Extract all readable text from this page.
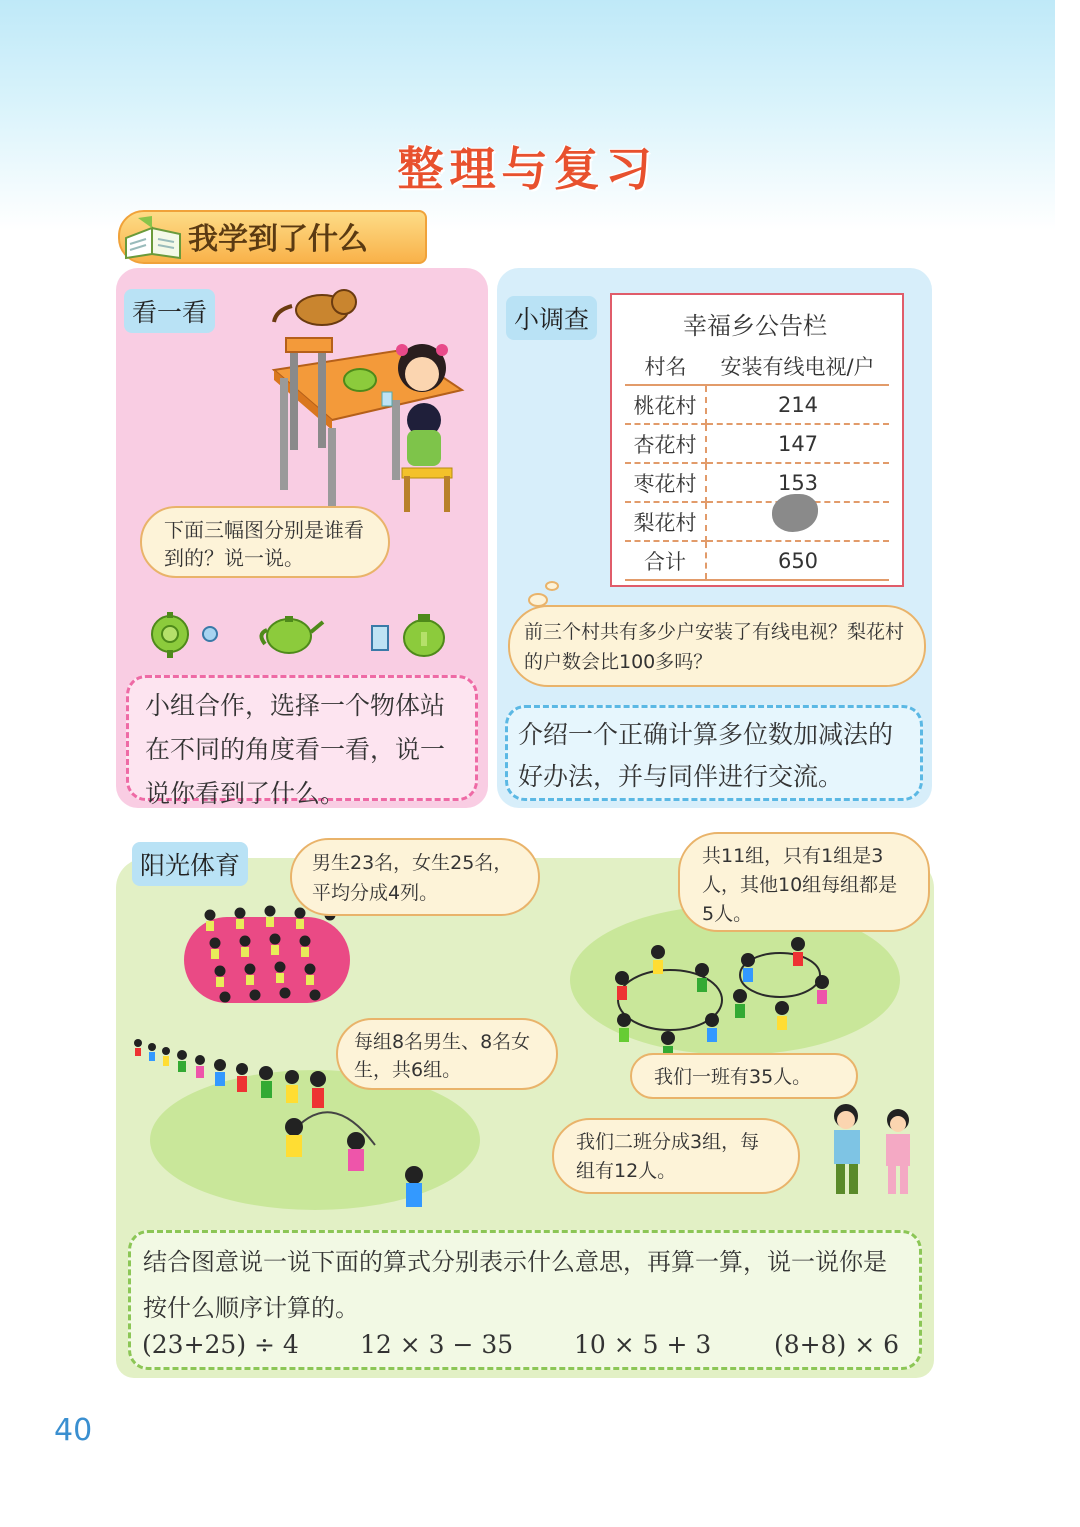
整理与复习
我学到了什么
看一看
下面三幅图分别是谁看到的？说一说。
小组合作，选择一个物体站在不同的角度看一看，说一说你看到了什么。
小调查	幸福乡公告栏
村名	安装有线电视/户
桃花村	214
杏花村	147
枣花村	153
梨花村	
合计	650
前三个村共有多少户安装了有线电视？梨花村的户数会比100多吗？
介绍一个正确计算多位数加减法的好办法，并与同伴进行交流。
阳光体育	男生23名，女生25名，平均分成4列。
共11组，只有1组是3人，其他10组每组都是5人。
每组8名男生、8名女生，共6组。	我们一班有35人。
我们二班分成3组，每组有12人。
结合图意说一说下面的算式分别表示什么意思，再算一算，说一说你是按什么顺序计算的。
(23+25) ÷ 4 12 × 3 − 35 10 × 5 + 3	(8+8) × 6
40
